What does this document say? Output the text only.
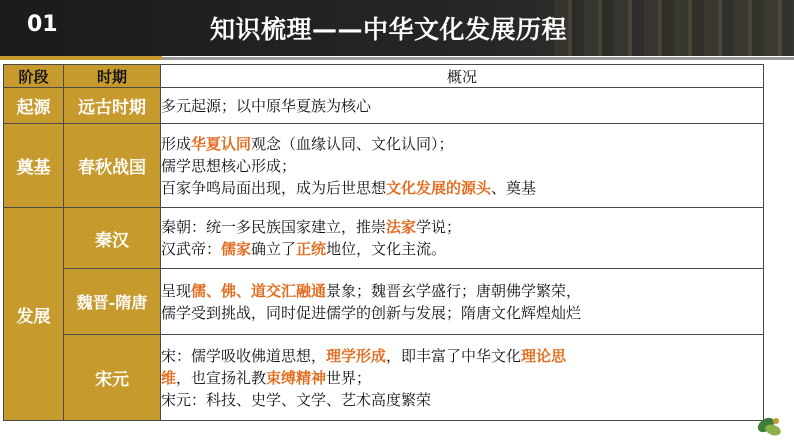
01	知识梳理——中华文化发展历程
阶段	时期	概况
起源	远古时期	多元起源；以中原华夏族为核心

奠基	春秋战国	形成华夏认同观念（血缘认同、文化认同）；
儒学思想核心形成；
百家争鸣局面出现，成为后世思想文化发展的源头、奠基

发展	秦汉	秦朝：统一多民族国家建立，推崇法家学说；
汉武帝：儒家确立了正统地位，文化主流。

	魏晋-隋唐	呈现儒、佛、道交汇融通景象；魏晋玄学盛行；唐朝佛学繁荣，
儒学受到挑战，同时促进儒学的创新与发展；隋唐文化辉煌灿烂

	宋元	宋：儒学吸收佛道思想，理学形成，即丰富了中华文化理论思
维，也宣扬礼教束缚精神世界；
宋元：科技、史学、文学、艺术高度繁荣
